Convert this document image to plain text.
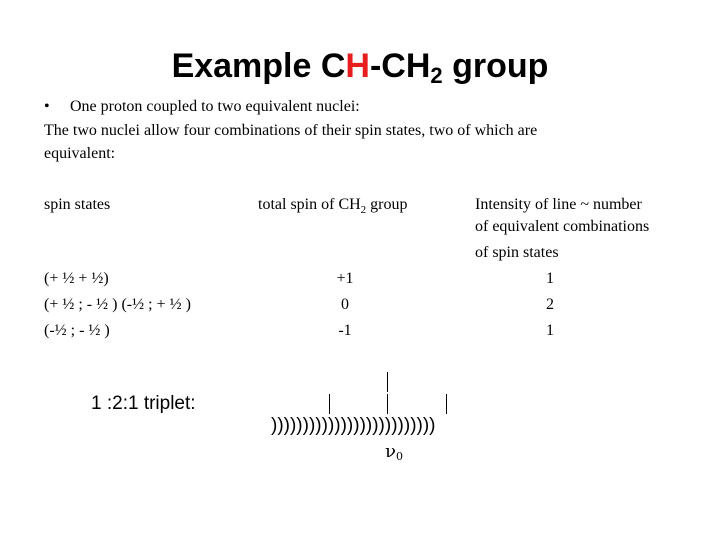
Example $CH-CH_2$ group
• One proton coupled to two equivalent nuclei:
The two nuclei allow four combinations of their spin states, two of which are
equivalent:
spin states	total spin of $CH_2$ group	Intensity of line ~ number
of equivalent combinations
of spin states
(+ ½ + ½)	+1	1
(+ ½ ; - ½ ) (-½ ; + ½ )	0	2
(-½ ; - ½ )	-1	1
1 :2:1 triplet:
))))))))))))))))))))))))))
$\nu_0$
